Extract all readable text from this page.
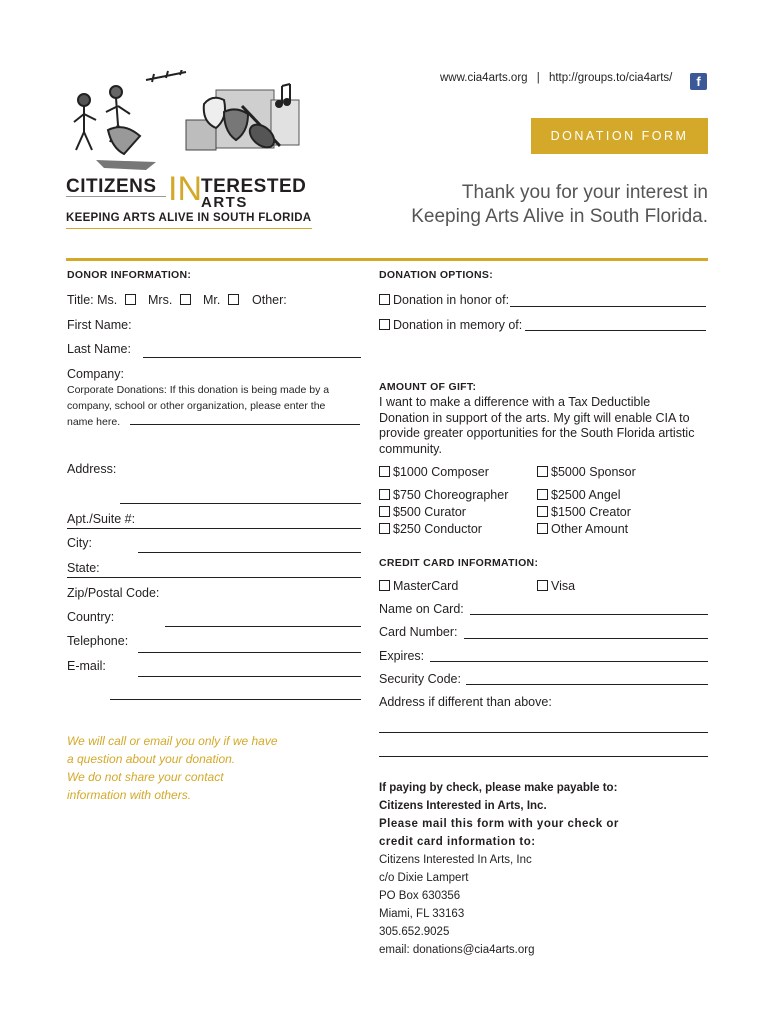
www.cia4arts.org | http://groups.to/cia4arts/	f
CITIZENS IN TERESTED
ARTS
KEEPING ARTS ALIVE IN SOUTH FLORIDA
DONATION FORM
Thank you for your interest in
Keeping Arts Alive in South Florida.
DONOR INFORMATION:
Title: Ms.	Mrs.	Mr.	Other:
First Name:
Last Name:
Company:
Corporate Donations: If this donation is being made by a
company, school or other organization, please enter the
name here.
Address:
Apt./Suite #:
City:
State:
Zip/Postal Code:
Country:
Telephone:
E-mail:
We will call or email you only if we have
a question about your donation.
We do not share your contact
information with others.
DONATION OPTIONS:
Donation in honor of:
Donation in memory of:
AMOUNT OF GIFT:
I want to make a difference with a Tax Deductible
Donation in support of the arts. My gift will enable CIA to
provide greater opportunities for the South Florida artistic
community.
$1000 Composer	$5000 Sponsor
$750 Choreographer	$2500 Angel
$500 Curator	$1500 Creator
$250 Conductor	Other Amount
CREDIT CARD INFORMATION:
MasterCard	Visa
Name on Card:
Card Number:
Expires:
Security Code:
Address if different than above:
If paying by check, please make payable to:
Citizens Interested in Arts, Inc.
Please mail this form with your check or
credit card information to:
Citizens Interested In Arts, Inc
c/o Dixie Lampert
PO Box 630356
Miami, FL 33163
305.652.9025
email: donations@cia4arts.org
